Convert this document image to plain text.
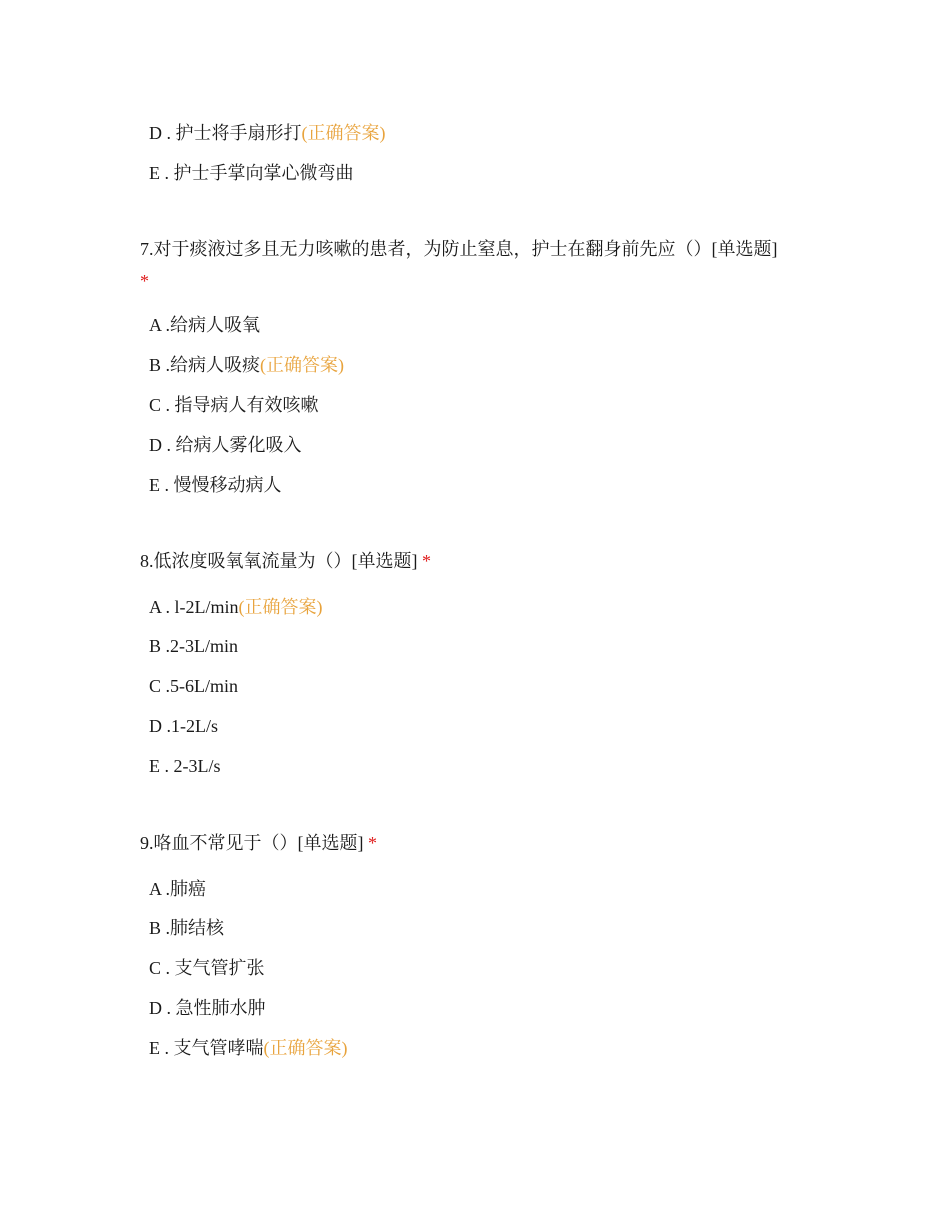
D . 护士将手扇形打(正确答案)
E . 护士手掌向掌心微弯曲
7.对于痰液过多且无力咳嗽的患者，为防止窒息，护士在翻身前先应（）[单选题]
*
A .给病人吸氧
B .给病人吸痰(正确答案)
C . 指导病人有效咳嗽
D . 给病人雾化吸入
E . 慢慢移动病人
8.低浓度吸氧氧流量为（）[单选题] *
A . l-2L/min(正确答案)
B .2-3L/min
C .5-6L/min
D .1-2L/s
E . 2-3L/s
9.咯血不常见于（）[单选题] *
A .肺癌
B .肺结核
C . 支气管扩张
D . 急性肺水肿
E . 支气管哮喘(正确答案)
